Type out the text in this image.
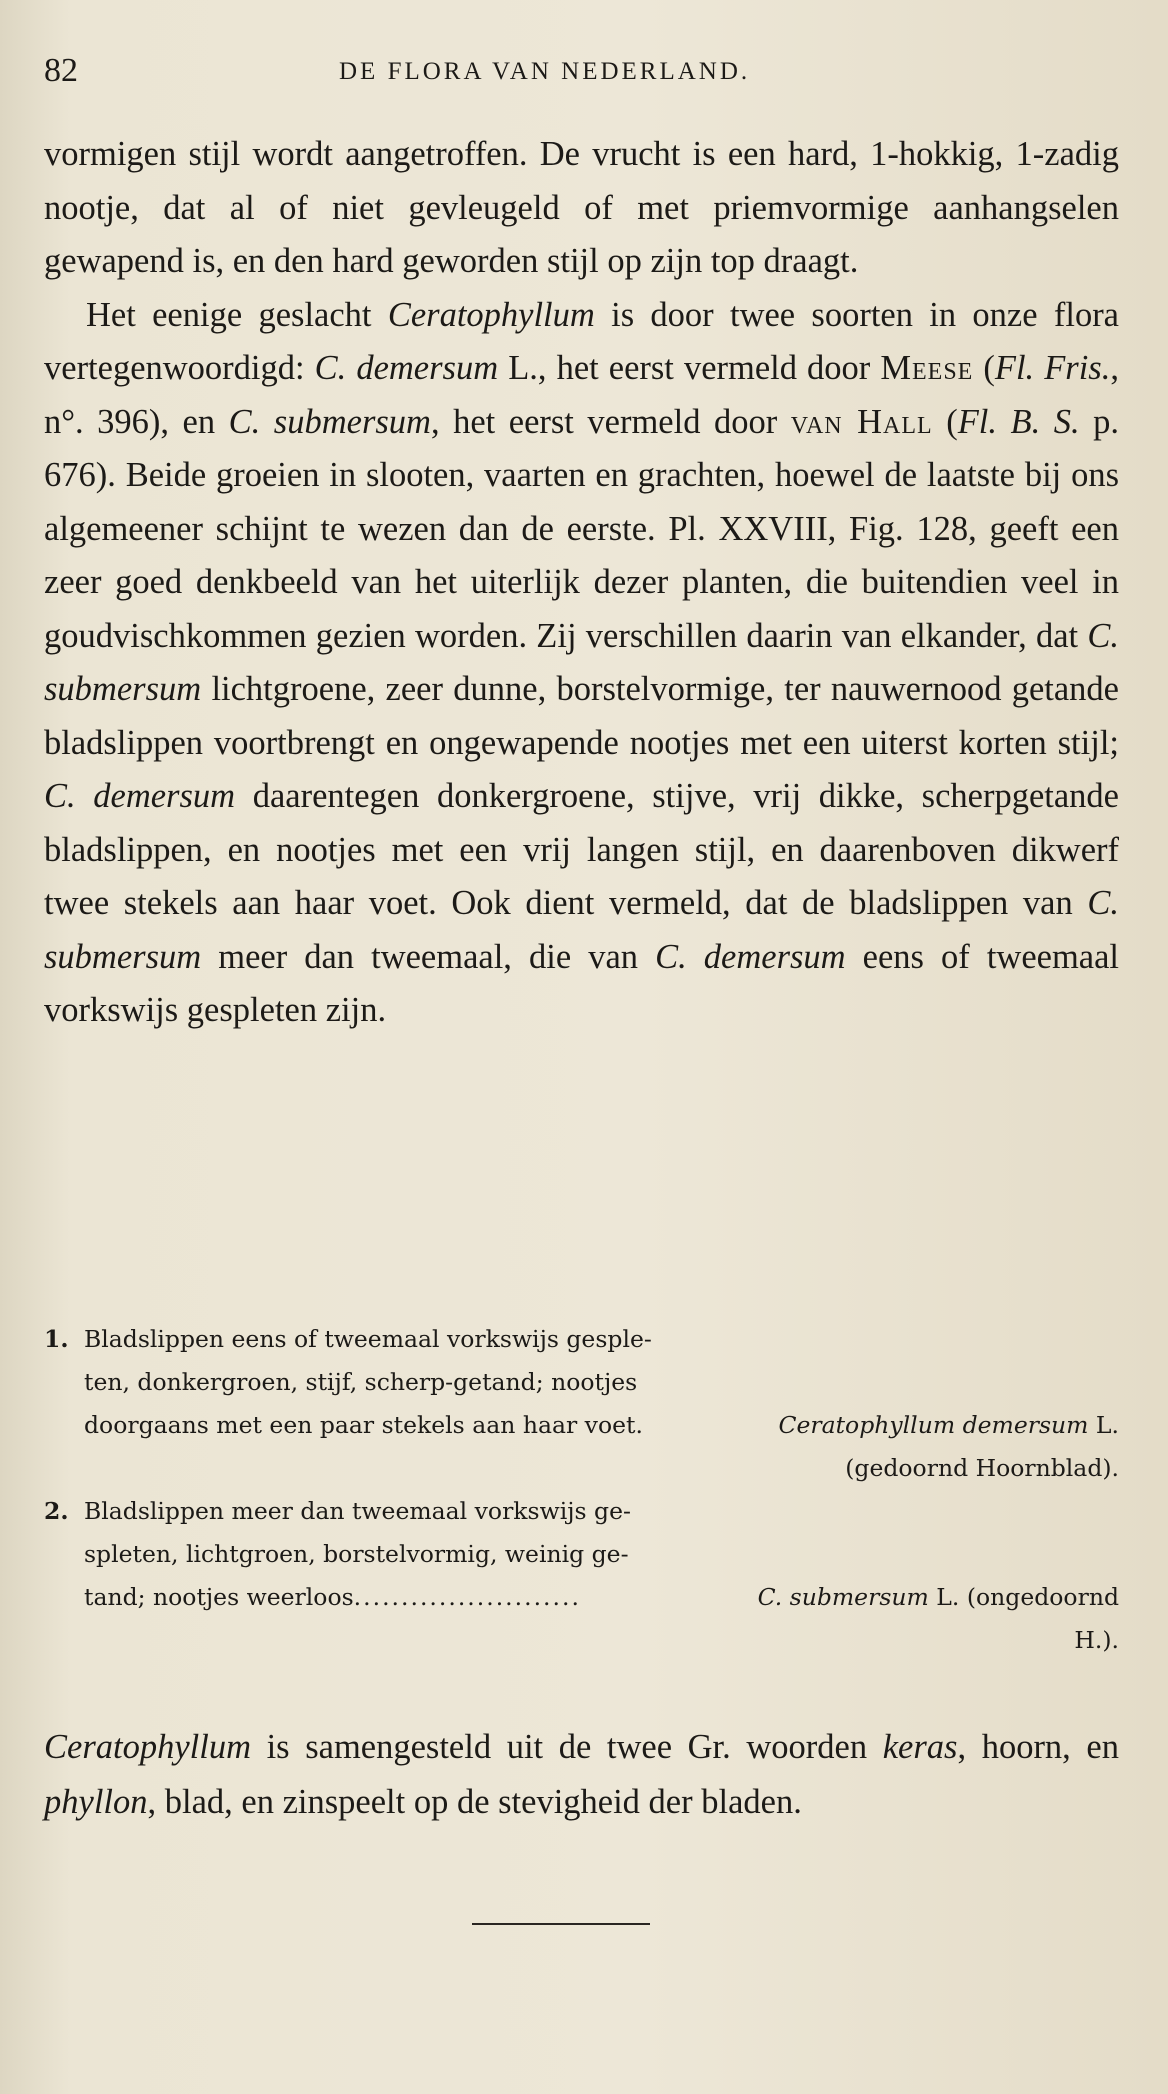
82	DE FLORA VAN NEDERLAND.

vormigen stijl wordt aangetroffen. De vrucht is een hard, 1-hokkig, 1-zadig nootje, dat al of niet gevleugeld of met priemvormige aanhangselen gewapend is, en den hard geworden stijl op zijn top draagt.

Het eenige geslacht Ceratophyllum is door twee soorten in onze flora vertegenwoordigd: C. demersum L., het eerst vermeld door Meese (Fl. Fris., n°. 396), en C. submersum, het eerst vermeld door van Hall (Fl. B. S. p. 676). Beide groeien in slooten, vaarten en grachten, hoewel de laatste bij ons algemeener schijnt te wezen dan de eerste. Pl. XXVIII, Fig. 128, geeft een zeer goed denkbeeld van het uiterlijk dezer planten, die buitendien veel in goudvischkommen gezien worden. Zij verschillen daarin van elkander, dat C. submersum lichtgroene, zeer dunne, borstelvormige, ter nauwernood getande bladslippen voortbrengt en ongewapende nootjes met een uiterst korten stijl; C. demersum daarentegen donkergroene, stijve, vrij dikke, scherpgetande bladslippen, en nootjes met een vrij langen stijl, en daarenboven dikwerf twee stekels aan haar voet. Ook dient vermeld, dat de bladslippen van C. submersum meer dan tweemaal, die van C. demersum eens of tweemaal vorkswijs gespleten zijn.

1. Bladslippen eens of tweemaal vorkswijs gesple-
ten, donkergroen, stijf, scherp-getand; nootjes
doorgaans met een paar stekels aan haar voet.	Ceratophyllum demersum L.
(gedoornd Hoornblad).
2. Bladslippen meer dan tweemaal vorkswijs ge-
spleten, lichtgroen, borstelvormig, weinig ge-
tand; nootjes weerloos........................	C. submersum L. (ongedoornd
H.).

Ceratophyllum is samengesteld uit de twee Gr. woorden keras, hoorn, en phyllon, blad, en zinspeelt op de stevigheid der bladen.
